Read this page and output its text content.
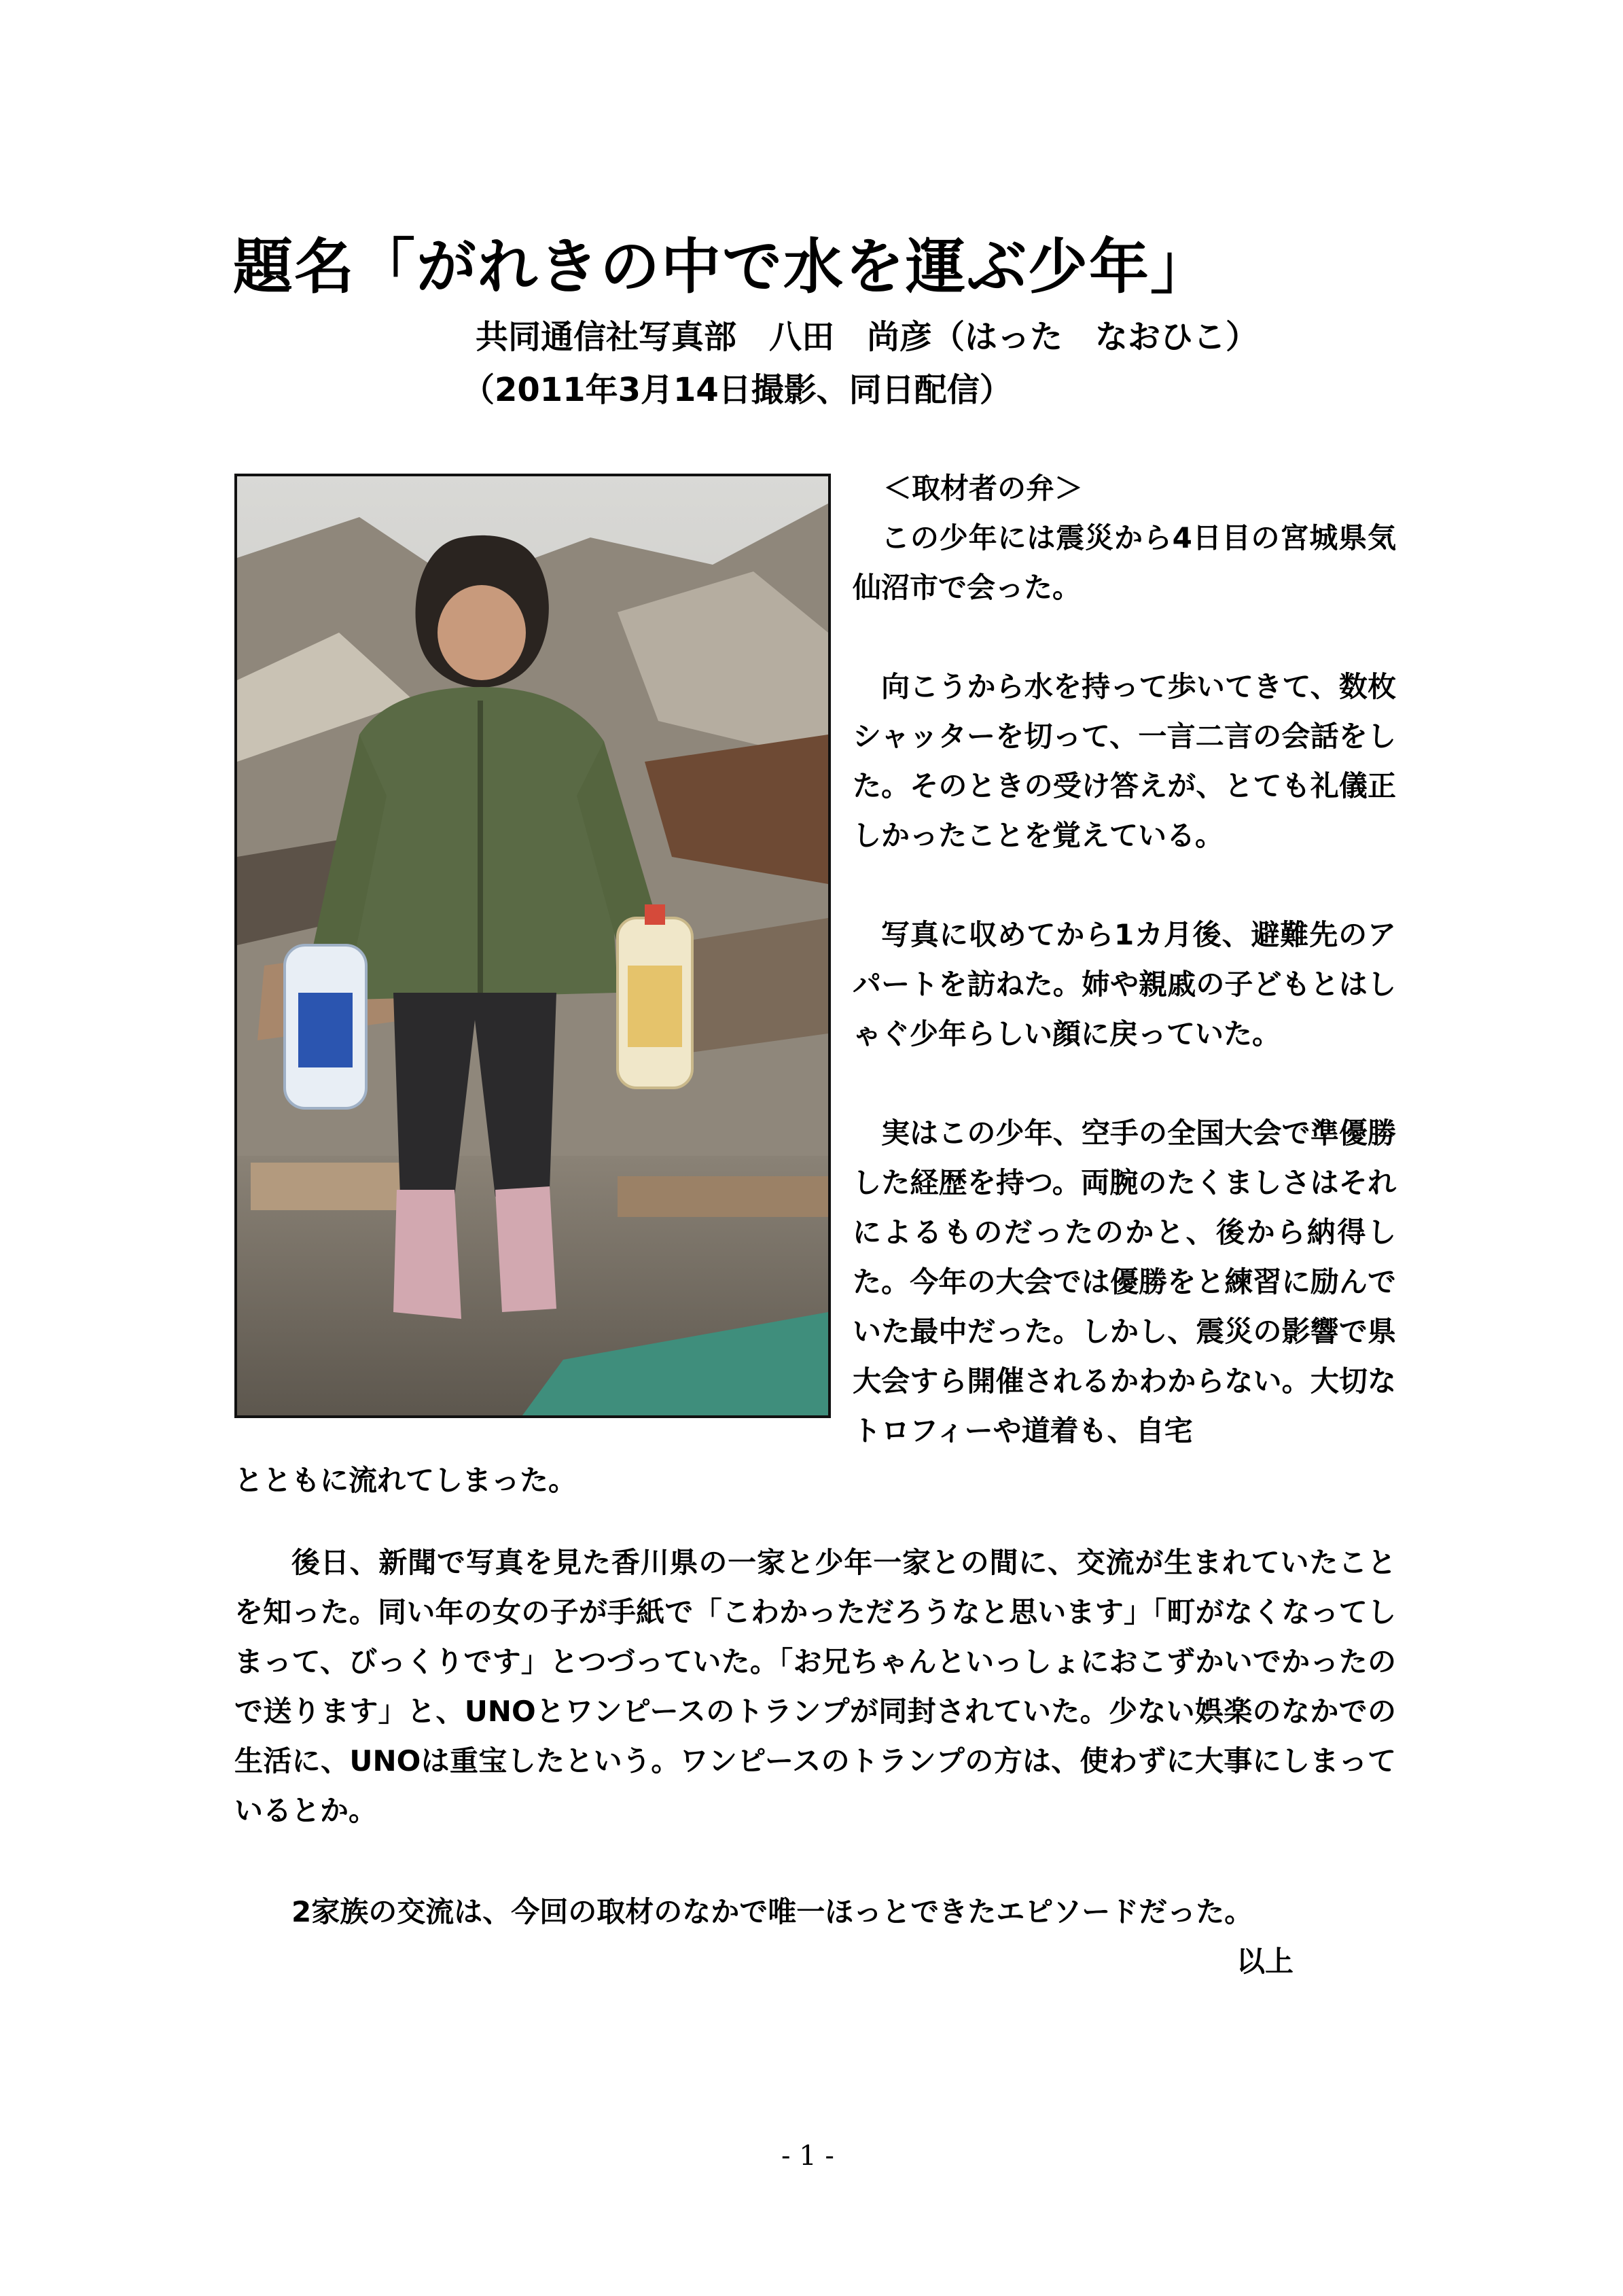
題名「がれきの中で水を運ぶ少年」
共同通信社写真部　八田　尚彦（はった　なおひこ）
（2011年3月14日撮影、同日配信）
＜取材者の弁＞

この少年には震災から4日目の宮城県気仙沼市で会った。

向こうから水を持って歩いてきて、数枚シャッターを切って、一言二言の会話をした。そのときの受け答えが、とても礼儀正しかったことを覚えている。

写真に収めてから1カ月後、避難先のアパートを訪ねた。姉や親戚の子どもとはしゃぐ少年らしい顔に戻っていた。

実はこの少年、空手の全国大会で準優勝した経歴を持つ。両腕のたくましさはそれによるものだったのかと、後から納得した。今年の大会では優勝をと練習に励んでいた最中だった。しかし、震災の影響で県大会すら開催されるかわからない。大切なトロフィーや道着も、自宅

とともに流れてしまった。

後日、新聞で写真を見た香川県の一家と少年一家との間に、交流が生まれていたことを知った。同い年の女の子が手紙で「こわかっただろうなと思います」「町がなくなってしまって、びっくりです」とつづっていた。「お兄ちゃんといっしょにおこずかいでかったので送ります」と、UNOとワンピースのトランプが同封されていた。少ない娯楽のなかでの生活に、UNOは重宝したという。ワンピースのトランプの方は、使わずに大事にしまっているとか。

2家族の交流は、今回の取材のなかで唯一ほっとできたエピソードだった。

以上

- 1 -
